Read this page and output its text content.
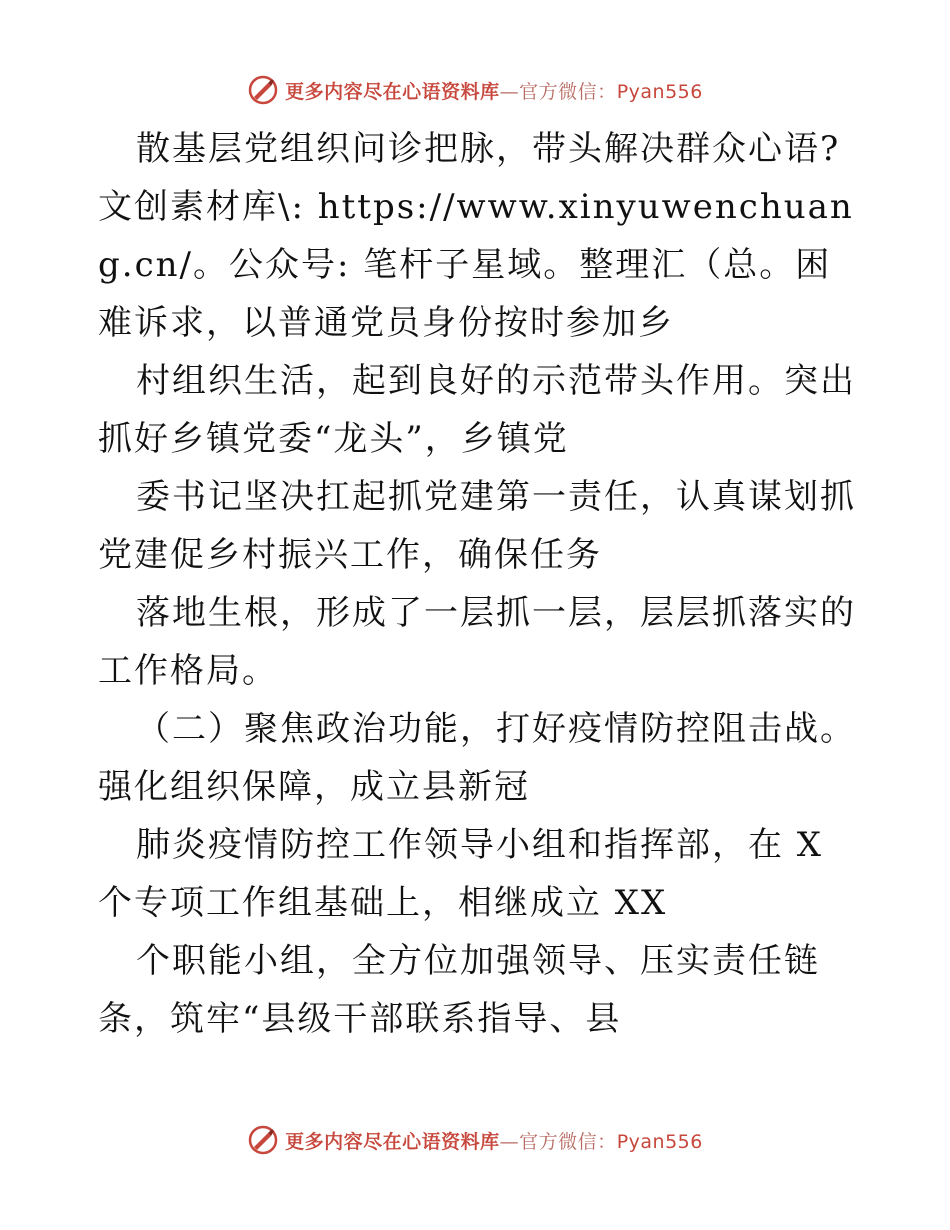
更多内容尽在心语资料库—官方微信：Pyan556

散基层党组织问诊把脉，带头解决群众心语?文创素材库\: https://www.xinyuwenchuang.cn/。公众号: 笔杆子星域。整理汇（总。困难诉求，以普通党员身份按时参加乡

村组织生活，起到良好的示范带头作用。突出抓好乡镇党委“龙头”，乡镇党

委书记坚决扛起抓党建第一责任，认真谋划抓党建促乡村振兴工作，确保任务

落地生根，形成了一层抓一层，层层抓落实的工作格局。

（二）聚焦政治功能，打好疫情防控阻击战。强化组织保障，成立县新冠

肺炎疫情防控工作领导小组和指挥部，在 X 个专项工作组基础上，相继成立 XX

个职能小组，全方位加强领导、压实责任链条，筑牢“县级干部联系指导、县

更多内容尽在心语资料库—官方微信：Pyan556
